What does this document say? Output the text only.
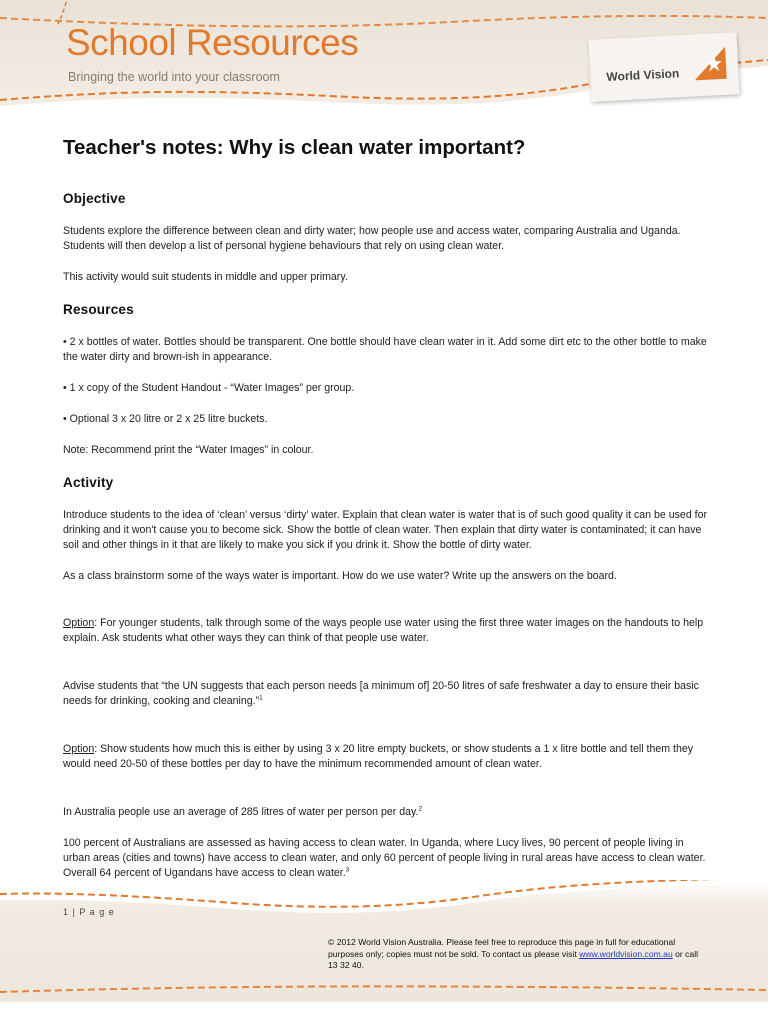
School Resources
Bringing the world into your classroom	World Vision
Teacher's notes: Why is clean water important?
Objective

Students explore the difference between clean and dirty water; how people use and access water, comparing Australia and Uganda. Students will then develop a list of personal hygiene behaviours that rely on using clean water.

This activity would suit students in middle and upper primary.

Resources

• 2 x bottles of water. Bottles should be transparent. One bottle should have clean water in it. Add some dirt etc to the other bottle to make the water dirty and brown-ish in appearance.

• 1 x copy of the Student Handout - “Water Images” per group.

• Optional 3 x 20 litre or 2 x 25 litre buckets.

Note: Recommend print the “Water Images” in colour.

Activity

Introduce students to the idea of ‘clean’ versus ‘dirty’ water. Explain that clean water is water that is of such good quality it can be used for drinking and it won't cause you to become sick. Show the bottle of clean water. Then explain that dirty water is contaminated; it can have soil and other things in it that are likely to make you sick if you drink it. Show the bottle of dirty water.

As a class brainstorm some of the ways water is important. How do we use water? Write up the answers on the board.

Option: For younger students, talk through some of the ways people use water using the first three water images on the handouts to help explain. Ask students what other ways they can think of that people use water.

Advise students that “the UN suggests that each person needs [a minimum of] 20-50 litres of safe freshwater a day to ensure their basic needs for drinking, cooking and cleaning.”$^1$

Option: Show students how much this is either by using 3 x 20 litre empty buckets, or show students a 1 x litre bottle and tell them they would need 20-50 of these bottles per day to have the minimum recommended amount of clean water.

In Australia people use an average of 285 litres of water per person per day.$^2$

100 percent of Australians are assessed as having access to clean water. In Uganda, where Lucy lives, 90 percent of people living in urban areas (cities and towns) have access to clean water, and only 60 percent of people living in rural areas have access to clean water. Overall 64 percent of Ugandans have access to clean water.$^3$

1 | P a g e
© 2012 World Vision Australia. Please feel free to reproduce this page in full for educational purposes only; copies must not be sold. To contact us please visit www.worldvision.com.au or call 13 32 40.
